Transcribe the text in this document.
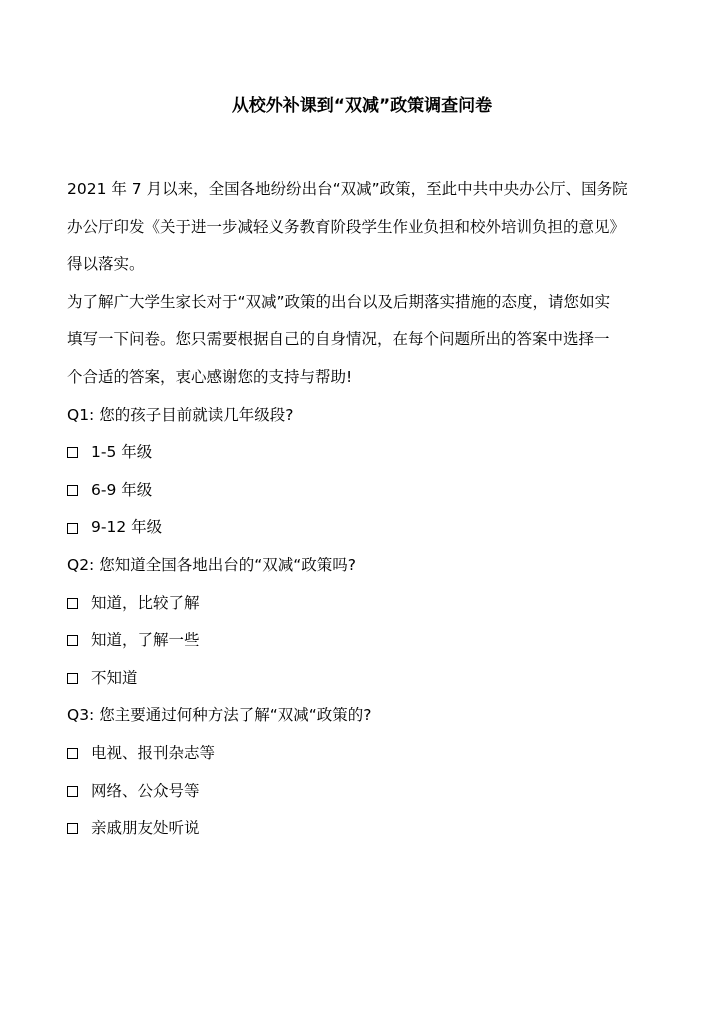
从校外补课到“双减”政策调查问卷
2021 年 7 月以来，全国各地纷纷出台“双减”政策，至此中共中央办公厅、国务院
办公厅印发《关于进一步减轻义务教育阶段学生作业负担和校外培训负担的意见》
得以落实。
为了解广大学生家长对于“双减”政策的出台以及后期落实措施的态度，请您如实
填写一下问卷。您只需要根据自己的自身情况，在每个问题所出的答案中选择一
个合适的答案，衷心感谢您的支持与帮助!
Q1: 您的孩子目前就读几年级段?
1-5 年级
6-9 年级
9-12 年级
Q2: 您知道全国各地出台的“双减“政策吗?
知道，比较了解
知道，了解一些
不知道
Q3: 您主要通过何种方法了解“双减“政策的?
电视、报刊杂志等
网络、公众号等
亲戚朋友处听说
